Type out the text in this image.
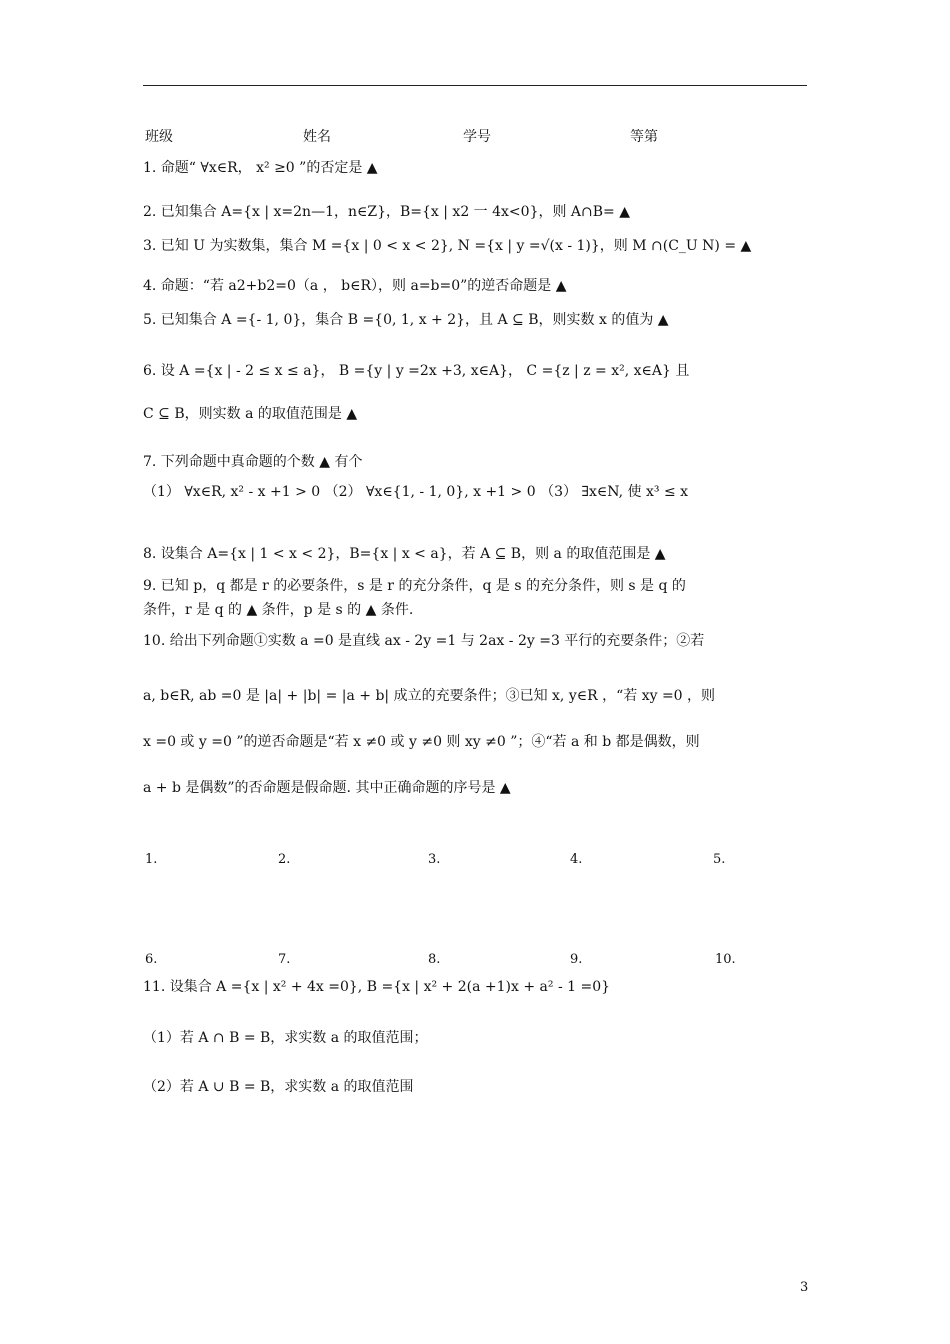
班级	姓名	学号	等第
1. 命题“ ∀x∈R， x² ≥0 ”的否定是 ▲
2. 已知集合 A={x | x=2n—1，n∈Z}，B={x | x2 一 4x<0}，则 A∩B= ▲
3. 已知 U 为实数集，集合 M ={x | 0 < x < 2}, N ={x | y =√(x - 1)}，则 M ∩(C_U N) = ▲
4. 命题：“若 a2+b2=0（a ， b∈R），则 a=b=0”的逆否命题是 ▲
5. 已知集合 A ={- 1, 0}，集合 B ={0, 1, x + 2}，且 A ⊆ B，则实数 x 的值为 ▲
6. 设 A ={x | - 2 ≤ x ≤ a}， B ={y | y =2x +3, x∈A}， C ={z | z = x², x∈A} 且
C ⊆ B，则实数 a 的取值范围是 ▲
7. 下列命题中真命题的个数 ▲ 有个
（1） ∀x∈R, x² - x +1 > 0 （2） ∀x∈{1, - 1, 0}, x +1 > 0 （3） ∃x∈N, 使 x³ ≤ x
8. 设集合 A={x | 1 < x < 2}，B={x | x < a}，若 A ⊆ B，则 a 的取值范围是 ▲
9. 已知 p，q 都是 r 的必要条件，s 是 r 的充分条件，q 是 s 的充分条件，则 s 是 q 的
条件，r 是 q 的 ▲ 条件，p 是 s 的 ▲ 条件.
10. 给出下列命题①实数 a =0 是直线 ax - 2y =1 与 2ax - 2y =3 平行的充要条件；②若
a, b∈R, ab =0 是 |a| + |b| = |a + b| 成立的充要条件；③已知 x, y∈R ，“若 xy =0 ，则
x =0 或 y =0 ”的逆否命题是“若 x ≠0 或 y ≠0 则 xy ≠0 ”；④“若 a 和 b 都是偶数，则
a + b 是偶数”的否命题是假命题. 其中正确命题的序号是 ▲
1.	2.	3.	4.	5.
6.	7.	8.	9.	10.
11. 设集合 A ={x | x² + 4x =0}, B ={x | x² + 2(a +1)x + a² - 1 =0}
（1）若 A ∩ B = B，求实数 a 的取值范围；
（2）若 A ∪ B = B，求实数 a 的取值范围
3
